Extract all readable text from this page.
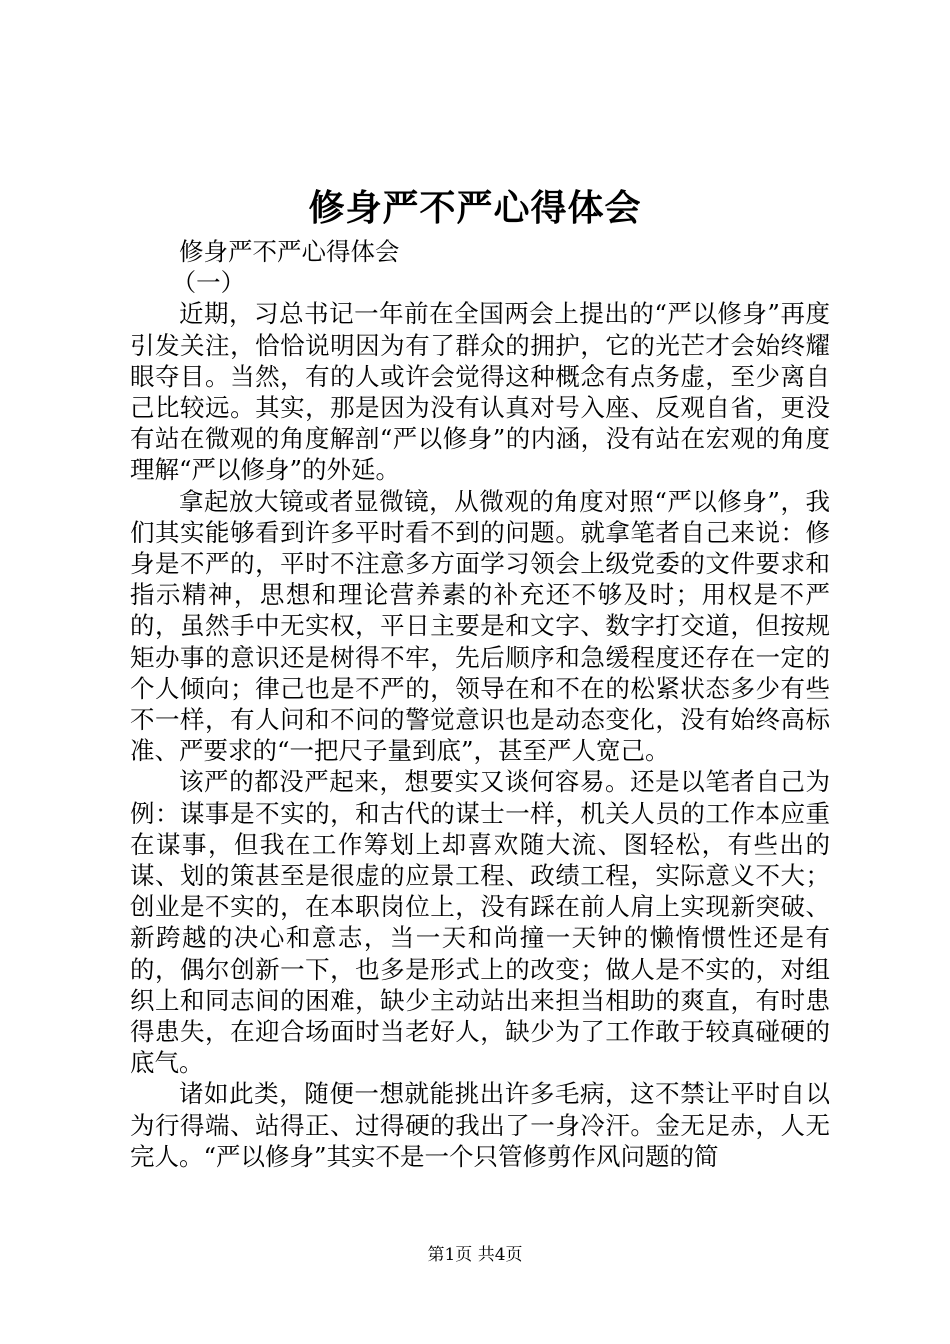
修身严不严心得体会

修身严不严心得体会

（一）

近期，习总书记一年前在全国两会上提出的“严以修身”再度引发关注，恰恰说明因为有了群众的拥护，它的光芒才会始终耀眼夺目。当然，有的人或许会觉得这种概念有点务虚，至少离自己比较远。其实，那是因为没有认真对号入座、反观自省，更没有站在微观的角度解剖“严以修身”的内涵，没有站在宏观的角度理解“严以修身”的外延。

拿起放大镜或者显微镜，从微观的角度对照“严以修身”，我们其实能够看到许多平时看不到的问题。就拿笔者自己来说：修身是不严的，平时不注意多方面学习领会上级党委的文件要求和指示精神，思想和理论营养素的补充还不够及时；用权是不严的，虽然手中无实权，平日主要是和文字、数字打交道，但按规矩办事的意识还是树得不牢，先后顺序和急缓程度还存在一定的个人倾向；律己也是不严的，领导在和不在的松紧状态多少有些不一样，有人问和不问的警觉意识也是动态变化，没有始终高标准、严要求的“一把尺子量到底”，甚至严人宽己。

该严的都没严起来，想要实又谈何容易。还是以笔者自己为例：谋事是不实的，和古代的谋士一样，机关人员的工作本应重在谋事，但我在工作筹划上却喜欢随大流、图轻松，有些出的谋、划的策甚至是很虚的应景工程、政绩工程，实际意义不大；创业是不实的，在本职岗位上，没有踩在前人肩上实现新突破、新跨越的决心和意志，当一天和尚撞一天钟的懒惰惯性还是有的，偶尔创新一下，也多是形式上的改变；做人是不实的，对组织上和同志间的困难，缺少主动站出来担当相助的爽直，有时患得患失，在迎合场面时当老好人，缺少为了工作敢于较真碰硬的底气。

诸如此类，随便一想就能挑出许多毛病，这不禁让平时自以为行得端、站得正、过得硬的我出了一身冷汗。金无足赤，人无完人。“严以修身”其实不是一个只管修剪作风问题的简

第1页 共4页
